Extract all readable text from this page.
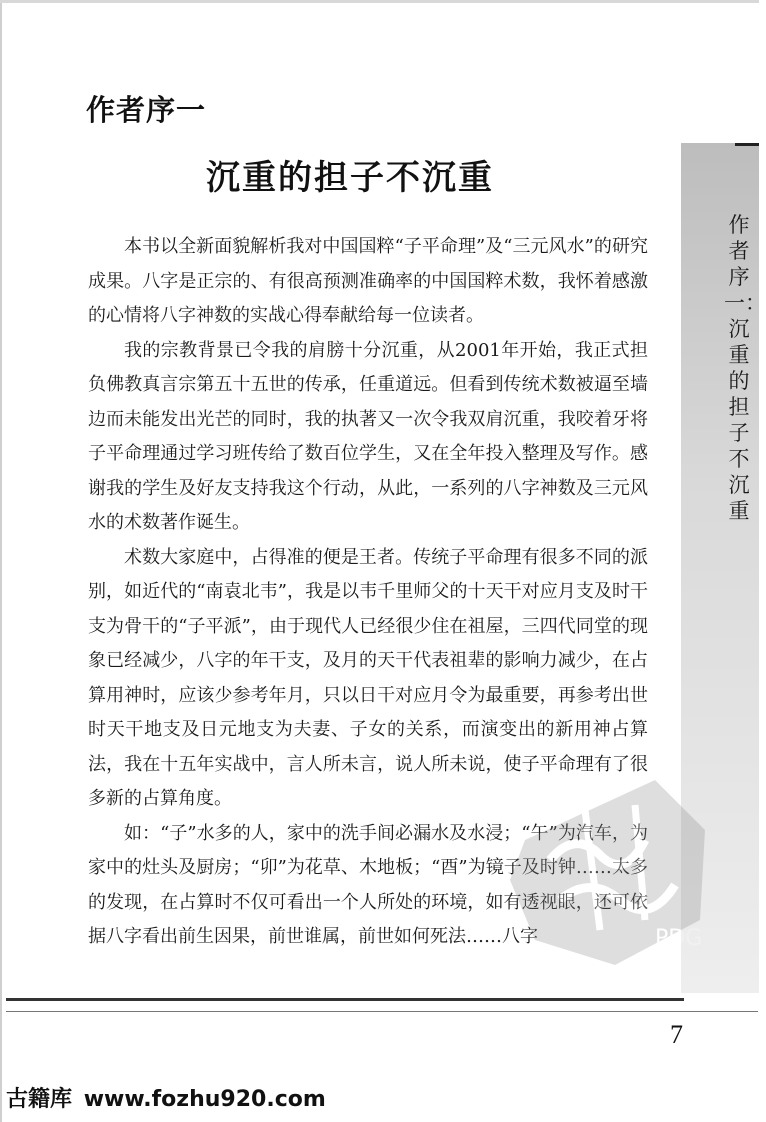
作者序一
沉重的担子不沉重

本书以全新面貌解析我对中国国粹“子平命理”及“三元风水”的研究成果。八字是正宗的、有很高预测准确率的中国国粹术数，我怀着感激的心情将八字神数的实战心得奉献给每一位读者。

我的宗教背景已令我的肩膀十分沉重，从2001年开始，我正式担负佛教真言宗第五十五世的传承，任重道远。但看到传统术数被逼至墙边而未能发出光芒的同时，我的执著又一次令我双肩沉重，我咬着牙将子平命理通过学习班传给了数百位学生，又在全年投入整理及写作。感谢我的学生及好友支持我这个行动，从此，一系列的八字神数及三元风水的术数著作诞生。

术数大家庭中，占得准的便是王者。传统子平命理有很多不同的派别，如近代的“南袁北韦”，我是以韦千里师父的十天干对应月支及时干支为骨干的“子平派”，由于现代人已经很少住在祖屋，三四代同堂的现象已经减少，八字的年干支，及月的天干代表祖辈的影响力减少，在占算用神时，应该少参考年月，只以日干对应月令为最重要，再参考出世时天干地支及日元地支为夫妻、子女的关系，而演变出的新用神占算法，我在十五年实战中，言人所未言，说人所未说，使子平命理有了很多新的占算角度。

如：“子”水多的人，家中的洗手间必漏水及水浸；“午”为汽车，为家中的灶头及厨房；“卯”为花草、木地板；“酉”为镜子及时钟……太多的发现，在占算时不仅可看出一个人所处的环境，如有透视眼，还可依据八字看出前生因果，前世谁属，前世如何死法……八字

作者序一：沉重的担子不沉重
PDG
7
古籍库 www.fozhu920.com
